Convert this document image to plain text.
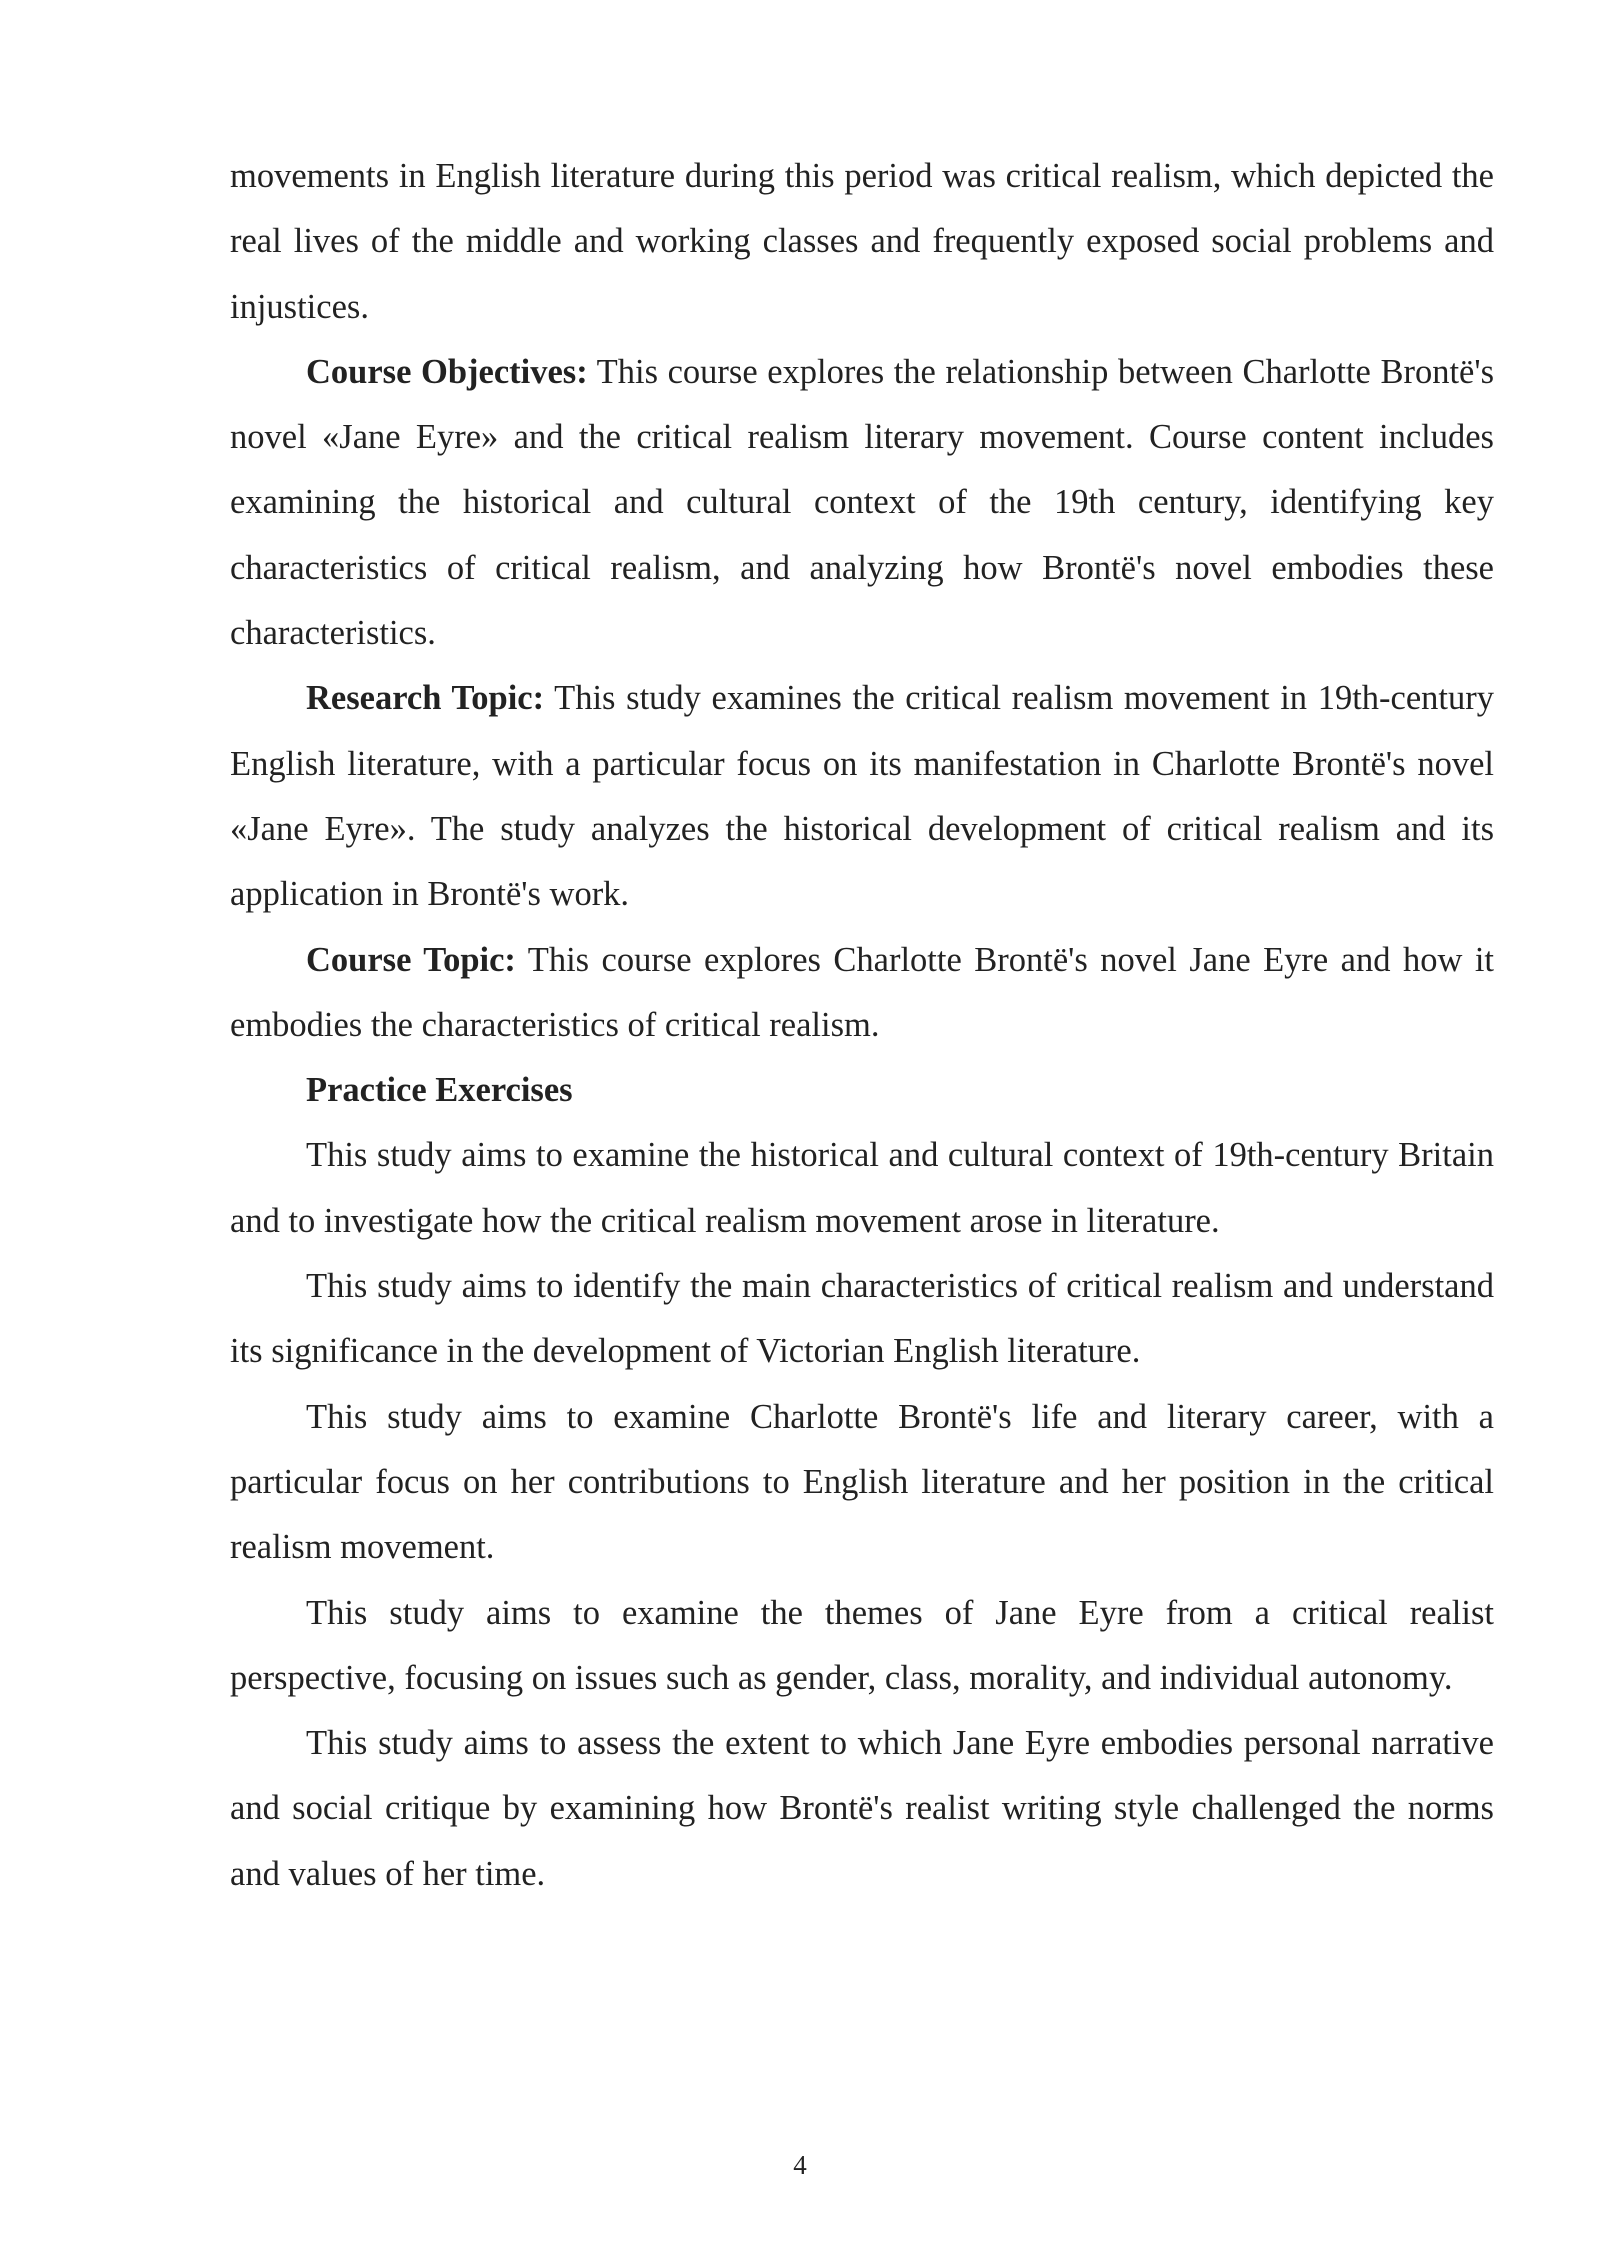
movements in English literature during this period was critical realism, which depicted the real lives of the middle and working classes and frequently exposed social problems and injustices.

Course Objectives: This course explores the relationship between Charlotte Brontë's novel «Jane Eyre» and the critical realism literary movement. Course content includes examining the historical and cultural context of the 19th century, identifying key characteristics of critical realism, and analyzing how Brontë's novel embodies these characteristics.

Research Topic: This study examines the critical realism movement in 19th-century English literature, with a particular focus on its manifestation in Charlotte Brontë's novel «Jane Eyre». The study analyzes the historical development of critical realism and its application in Brontë's work.

Course Topic: This course explores Charlotte Brontë's novel Jane Eyre and how it embodies the characteristics of critical realism.

Practice Exercises

This study aims to examine the historical and cultural context of 19th-century Britain and to investigate how the critical realism movement arose in literature.

This study aims to identify the main characteristics of critical realism and understand its significance in the development of Victorian English literature.

This study aims to examine Charlotte Brontë's life and literary career, with a particular focus on her contributions to English literature and her position in the critical realism movement.

This study aims to examine the themes of Jane Eyre from a critical realist perspective, focusing on issues such as gender, class, morality, and individual autonomy.

This study aims to assess the extent to which Jane Eyre embodies personal narrative and social critique by examining how Brontë's realist writing style challenged the norms and values of her time.

4
